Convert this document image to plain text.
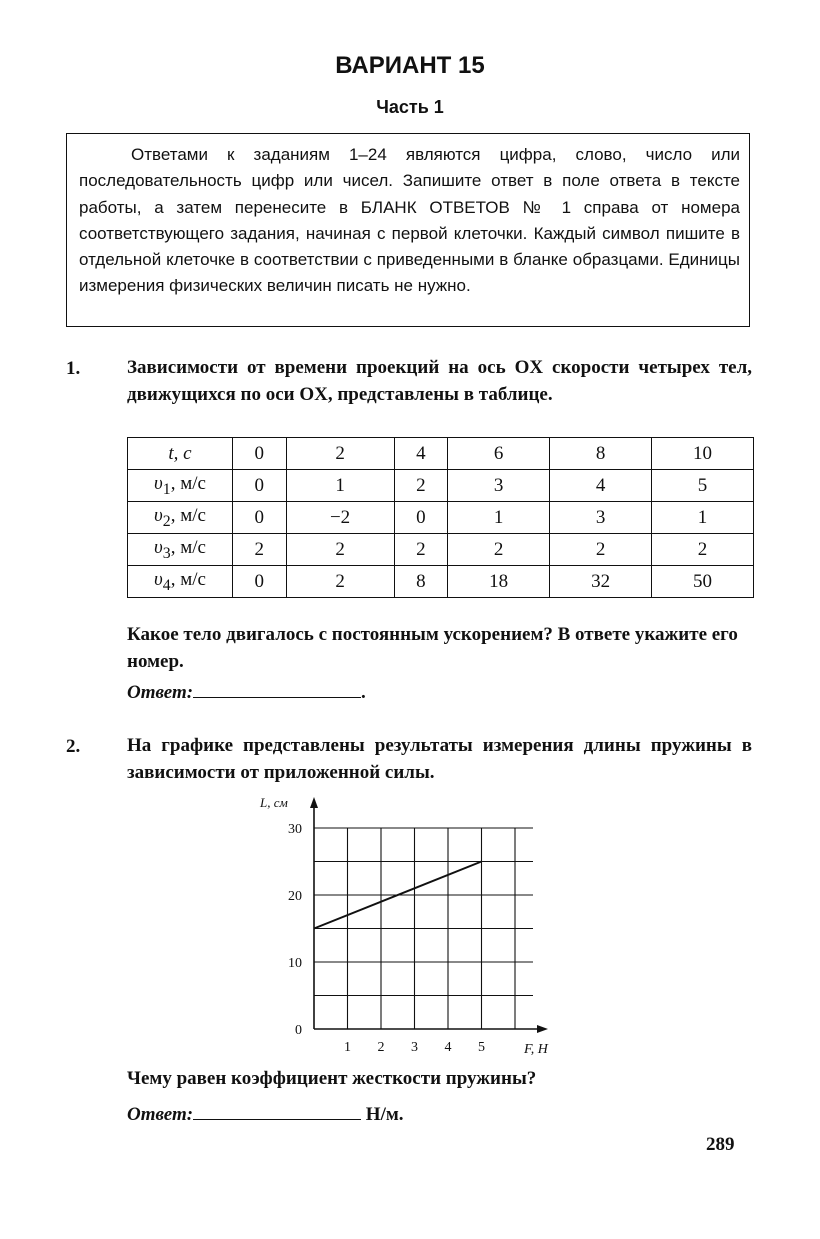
ВАРИАНТ 15
Часть 1
Ответами к заданиям 1–24 являются цифра, слово, число или последовательность цифр или чисел. Запишите ответ в поле ответа в тексте работы, а затем перенесите в БЛАНК ОТВЕТОВ № 1 справа от номера соответствующего задания, начиная с первой клеточки. Каждый символ пишите в отдельной клеточке в соответствии с приведенными в бланке образцами. Единицы измерения физических величин писать не нужно.
1. Зависимости от времени проекций на ось OX скорости четырех тел, движущихся по оси OX, представлены в таблице.
t, с	0	2	4	6	8	10
$\upsilon_1$, м/с	0	1	2	3	4	5
$\upsilon_2$, м/с	0	−2	0	1	3	1
$\upsilon_3$, м/с	2	2	2	2	2	2
$\upsilon_4$, м/с	0	2	8	18	32	50
Какое тело двигалось с постоянным ускорением? В ответе укажите его номер.
Ответ:	.
2. На графике представлены результаты измерения длины пружины в зависимости от приложенной силы.
1 2 3 4 5
0
10
20
30
L, см
F, Н
Чему равен коэффициент жесткости пружины?
Ответ:	Н/м.
289
